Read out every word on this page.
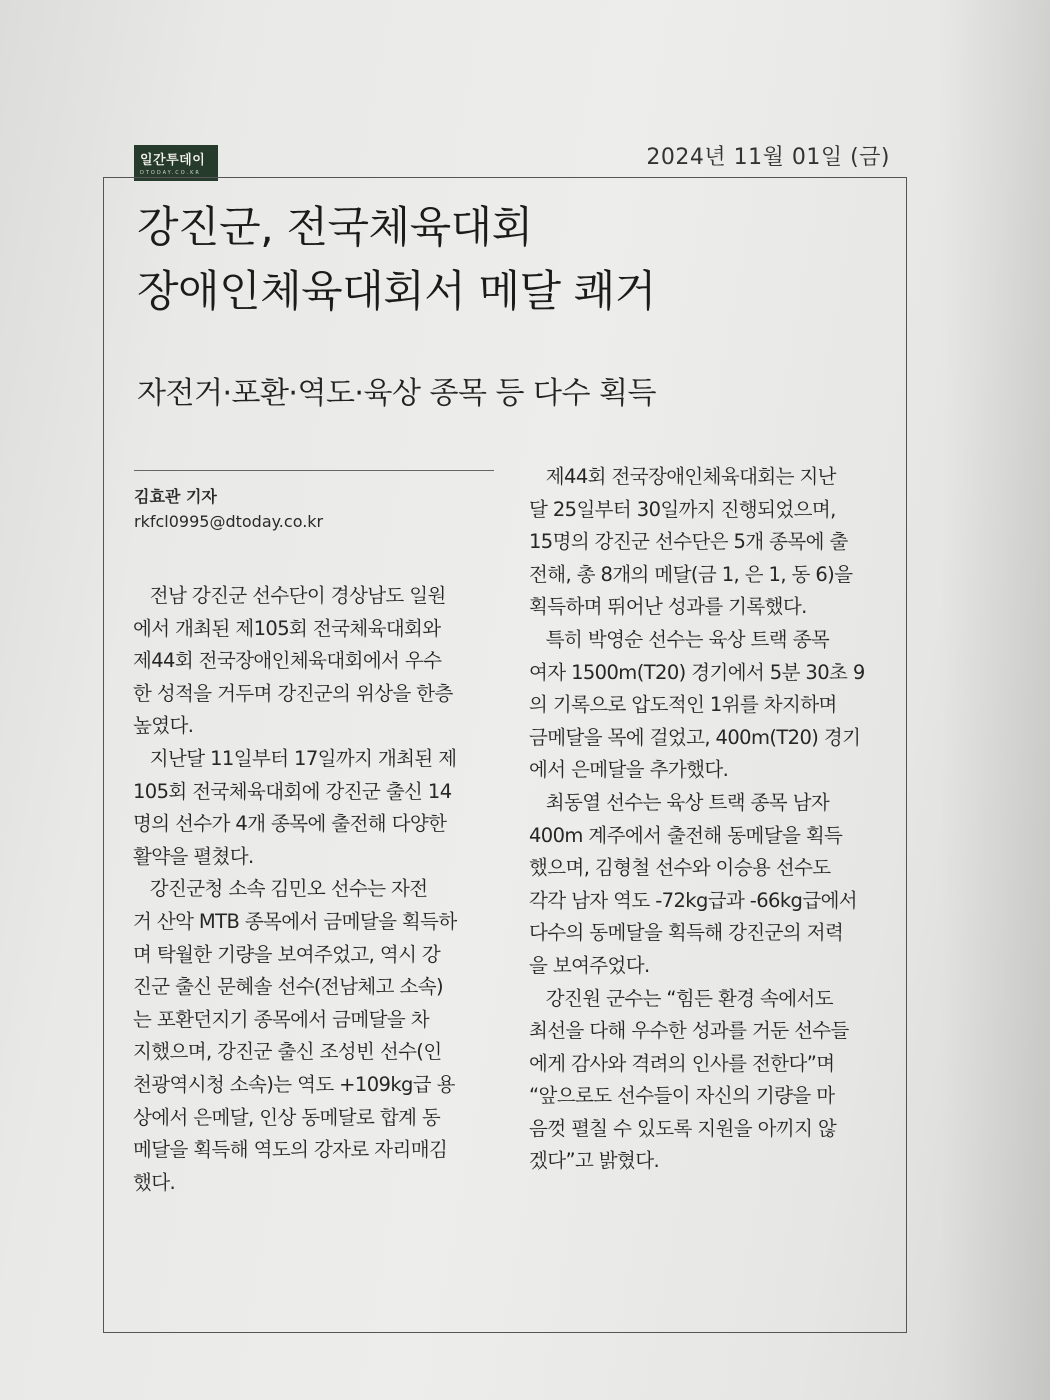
일간투데이
DTODAY.CO.KR
2024년 11월 01일 (금)
강진군, 전국체육대회
장애인체육대회서 메달 쾌거
자전거·포환·역도·육상 종목 등 다수 획득
김효관 기자
rkfcl0995@dtoday.co.kr
전남 강진군 선수단이 경상남도 일원
에서 개최된 제105회 전국체육대회와
제44회 전국장애인체육대회에서 우수
한 성적을 거두며 강진군의 위상을 한층
높였다.
지난달 11일부터 17일까지 개최된 제
105회 전국체육대회에 강진군 출신 14
명의 선수가 4개 종목에 출전해 다양한
활약을 펼쳤다.
강진군청 소속 김민오 선수는 자전
거 산악 MTB 종목에서 금메달을 획득하
며 탁월한 기량을 보여주었고, 역시 강
진군 출신 문혜솔 선수(전남체고 소속)
는 포환던지기 종목에서 금메달을 차
지했으며, 강진군 출신 조성빈 선수(인
천광역시청 소속)는 역도 +109kg급 용
상에서 은메달, 인상 동메달로 합계 동
메달을 획득해 역도의 강자로 자리매김
했다.
제44회 전국장애인체육대회는 지난
달 25일부터 30일까지 진행되었으며,
15명의 강진군 선수단은 5개 종목에 출
전해, 총 8개의 메달(금 1, 은 1, 동 6)을
획득하며 뛰어난 성과를 기록했다.
특히 박영순 선수는 육상 트랙 종목
여자 1500m(T20) 경기에서 5분 30초 9
의 기록으로 압도적인 1위를 차지하며
금메달을 목에 걸었고, 400m(T20) 경기
에서 은메달을 추가했다.
최동열 선수는 육상 트랙 종목 남자
400m 계주에서 출전해 동메달을 획득
했으며, 김형철 선수와 이승용 선수도
각각 남자 역도 -72kg급과 -66kg급에서
다수의 동메달을 획득해 강진군의 저력
을 보여주었다.
강진원 군수는 “힘든 환경 속에서도
최선을 다해 우수한 성과를 거둔 선수들
에게 감사와 격려의 인사를 전한다”며
“앞으로도 선수들이 자신의 기량을 마
음껏 펼칠 수 있도록 지원을 아끼지 않
겠다”고 밝혔다.
